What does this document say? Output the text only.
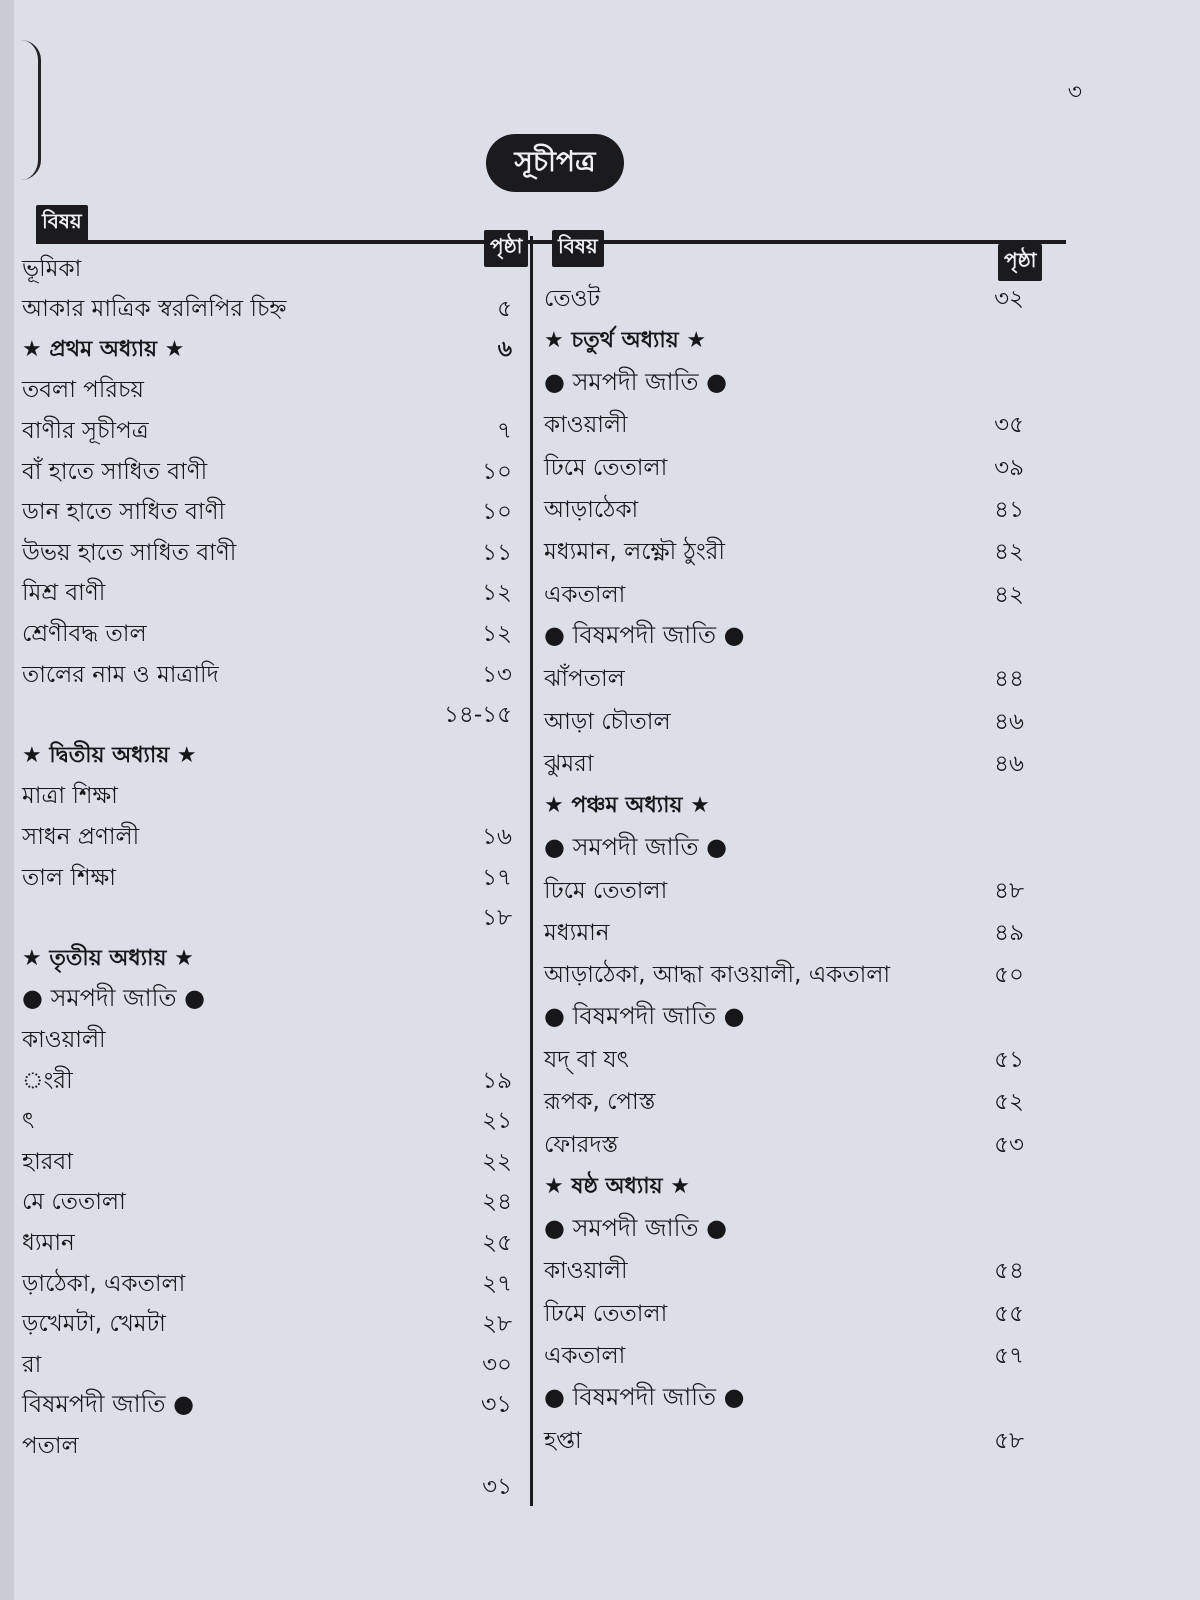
৩
সূচীপত্র
বিষয়
পৃষ্ঠা	বিষয়
পৃষ্ঠা
ভূমিকা
আকার মাত্রিক স্বরলিপির চিহ্ন	৫
★ প্রথম অধ্যায় ★	৬
তবলা পরিচয়
বাণীর সূচীপত্র	৭
বাঁ হাতে সাধিত বাণী	১০
ডান হাতে সাধিত বাণী	১০
উভয় হাতে সাধিত বাণী	১১
মিশ্র বাণী	১২
শ্রেণীবদ্ধ তাল	১২
তালের নাম ও মাত্রাদি	১৩
১৪-১৫
★ দ্বিতীয় অধ্যায় ★
মাত্রা শিক্ষা
সাধন প্রণালী	১৬
তাল শিক্ষা	১৭
১৮
★ তৃতীয় অধ্যায় ★
● সমপদী জাতি ●
কাওয়ালী
ংরী	১৯
ৎ	২১
হারবা	২২
মে তেতালা	২৪
ধ্যমান	২৫
ড়াঠেকা, একতালা	২৭
ড়খেমটা, খেমটা	২৮
রা	৩০
বিষমপদী জাতি ●	৩১
পতাল
৩১
তেওট	৩২
★ চতুর্থ অধ্যায় ★
● সমপদী জাতি ●
কাওয়ালী	৩৫
ঢিমে তেতালা	৩৯
আড়াঠেকা	৪১
মধ্যমান, লক্ষ্ণৌ ঠুংরী	৪২
একতালা	৪২
● বিষমপদী জাতি ●
ঝাঁপতাল	৪৪
আড়া চৌতাল	৪৬
ঝুমরা	৪৬
★ পঞ্চম অধ্যায় ★
● সমপদী জাতি ●
ঢিমে তেতালা	৪৮
মধ্যমান	৪৯
আড়াঠেকা, আদ্ধা কাওয়ালী, একতালা	৫০
● বিষমপদী জাতি ●
যদ্ বা যৎ	৫১
রূপক, পোস্ত	৫২
ফোরদস্ত	৫৩
★ ষষ্ঠ অধ্যায় ★
● সমপদী জাতি ●
কাওয়ালী	৫৪
ঢিমে তেতালা	৫৫
একতালা	৫৭
● বিষমপদী জাতি ●
হপ্তা	৫৮
